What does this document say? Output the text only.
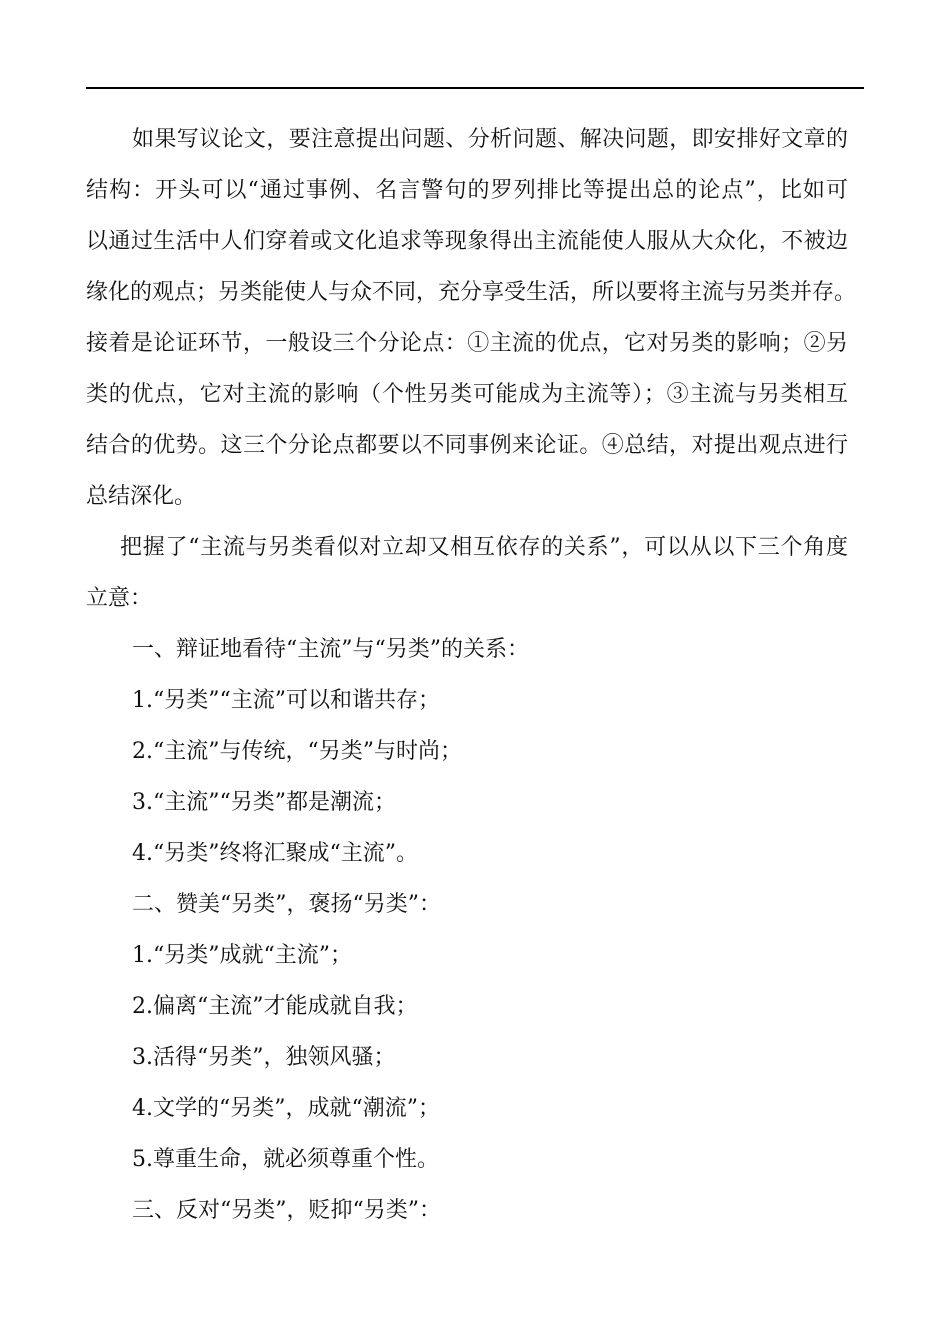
如果写议论文，要注意提出问题、分析问题、解决问题，即安排好文章的
结构：开头可以“通过事例、名言警句的罗列排比等提出总的论点”，比如可
以通过生活中人们穿着或文化追求等现象得出主流能使人服从大众化，不被边
缘化的观点；另类能使人与众不同，充分享受生活，所以要将主流与另类并存。
接着是论证环节，一般设三个分论点：①主流的优点，它对另类的影响；②另
类的优点，它对主流的影响（个性另类可能成为主流等）；③主流与另类相互
结合的优势。这三个分论点都要以不同事例来论证。④总结，对提出观点进行
总结深化。
把握了“主流与另类看似对立却又相互依存的关系”，可以从以下三个角度
立意：
一、辩证地看待“主流”与“另类”的关系：
1.“另类”“主流”可以和谐共存；
2.“主流”与传统，“另类”与时尚；
3.“主流”“另类”都是潮流；
4.“另类”终将汇聚成“主流”。
二、赞美“另类”，褒扬“另类”：
1.“另类”成就“主流”；
2.偏离“主流”才能成就自我；
3.活得“另类”，独领风骚；
4.文学的“另类”，成就“潮流”；
5.尊重生命，就必须尊重个性。
三、反对“另类”，贬抑“另类”：
